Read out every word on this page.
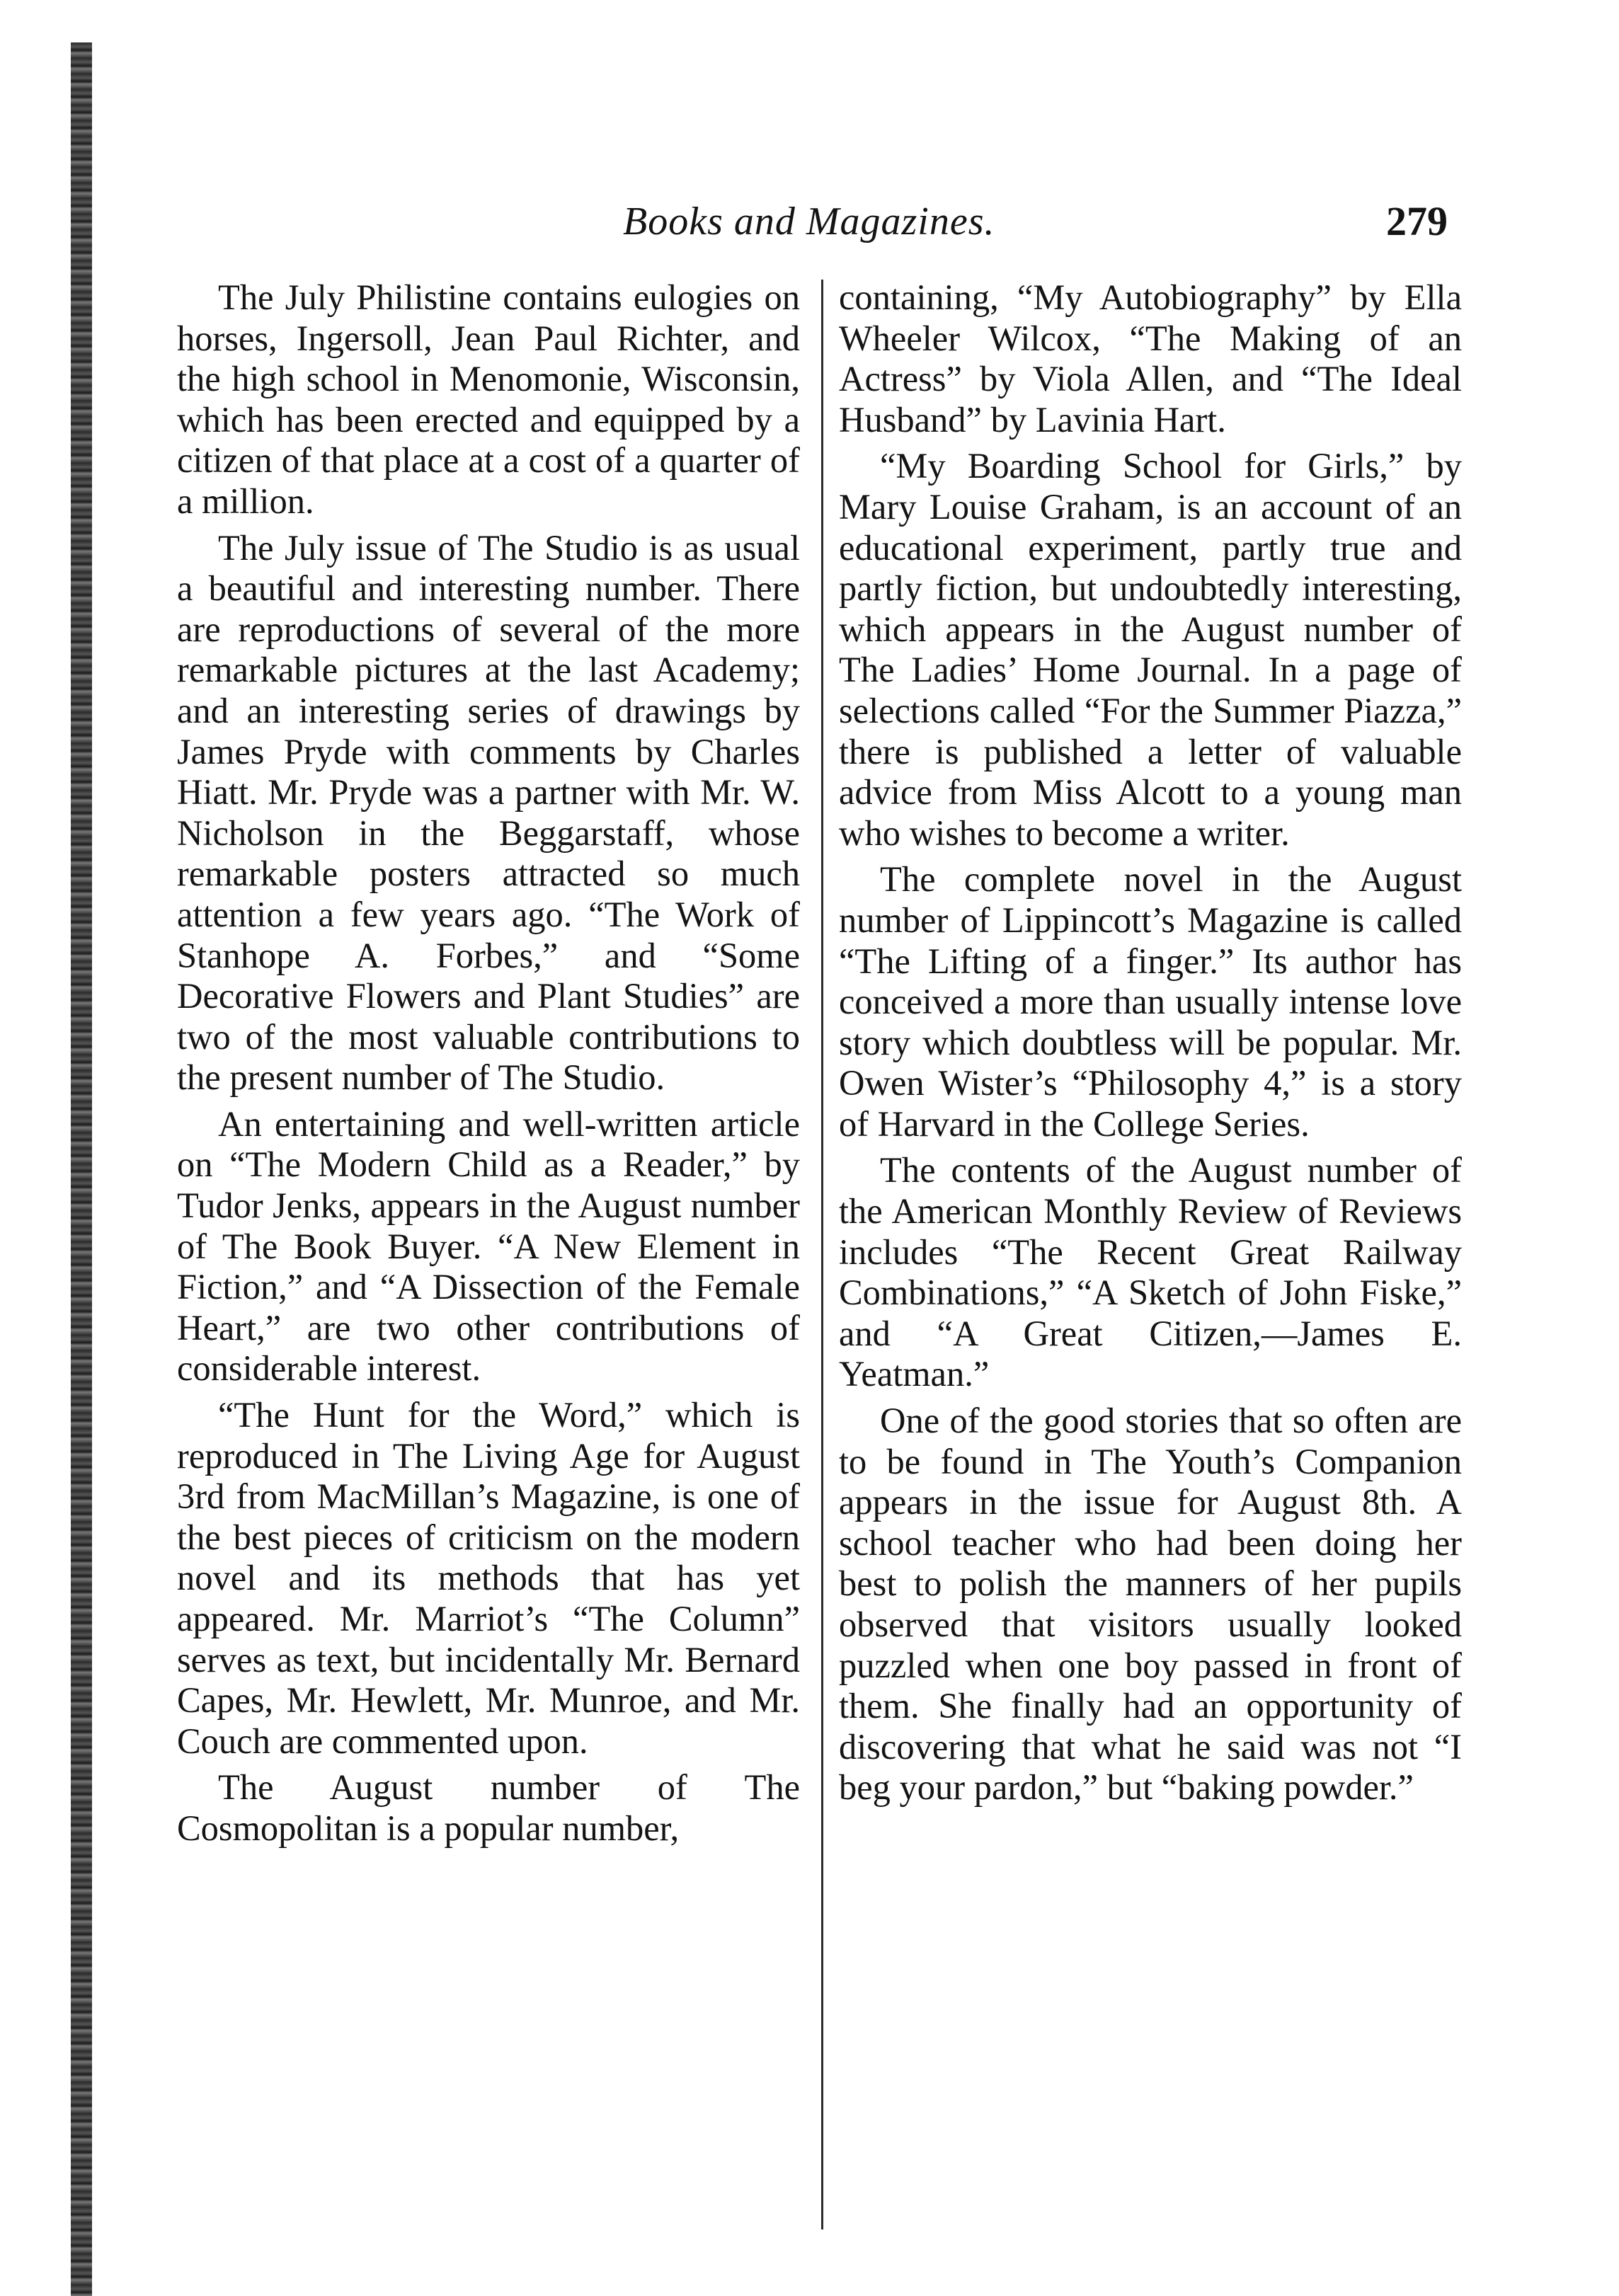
Books and Magazines.	279

The July Philistine contains eulogies on horses, Ingersoll, Jean Paul Richter, and the high school in Menomonie, Wisconsin, which has been erected and equipped by a citizen of that place at a cost of a quarter of a million.

The July issue of The Studio is as usual a beautiful and interesting number. There are reproductions of several of the more remarkable pictures at the last Academy; and an interesting series of drawings by James Pryde with comments by Charles Hiatt. Mr. Pryde was a partner with Mr. W. Nicholson in the Beggarstaff, whose remarkable posters attracted so much attention a few years ago. “The Work of Stanhope A. Forbes,” and “Some Decorative Flowers and Plant Studies” are two of the most valuable contributions to the present number of The Studio.

An entertaining and well-written article on “The Modern Child as a Reader,” by Tudor Jenks, appears in the August number of The Book Buyer. “A New Element in Fiction,” and “A Dissection of the Female Heart,” are two other contributions of considerable interest.

“The Hunt for the Word,” which is reproduced in The Living Age for August 3rd from MacMillan’s Magazine, is one of the best pieces of criticism on the modern novel and its methods that has yet appeared. Mr. Marriot’s “The Column” serves as text, but incidentally Mr. Bernard Capes, Mr. Hewlett, Mr. Munroe, and Mr. Couch are commented upon.

The August number of The Cosmopolitan is a popular number,

containing, “My Autobiography” by Ella Wheeler Wilcox, “The Making of an Actress” by Viola Allen, and “The Ideal Husband” by Lavinia Hart.

“My Boarding School for Girls,” by Mary Louise Graham, is an account of an educational experiment, partly true and partly fiction, but undoubtedly interesting, which appears in the August number of The Ladies’ Home Journal. In a page of selections called “For the Summer Piazza,” there is published a letter of valuable advice from Miss Alcott to a young man who wishes to become a writer.

The complete novel in the August number of Lippincott’s Magazine is called “The Lifting of a finger.” Its author has conceived a more than usually intense love story which doubtless will be popular. Mr. Owen Wister’s “Philosophy 4,” is a story of Harvard in the College Series.

The contents of the August number of the American Monthly Review of Reviews includes “The Recent Great Railway Combinations,” “A Sketch of John Fiske,” and “A Great Citizen,—James E. Yeatman.”

One of the good stories that so often are to be found in The Youth’s Companion appears in the issue for August 8th. A school teacher who had been doing her best to polish the manners of her pupils observed that visitors usually looked puzzled when one boy passed in front of them. She finally had an opportunity of discovering that what he said was not “I beg your pardon,” but “baking powder.”
